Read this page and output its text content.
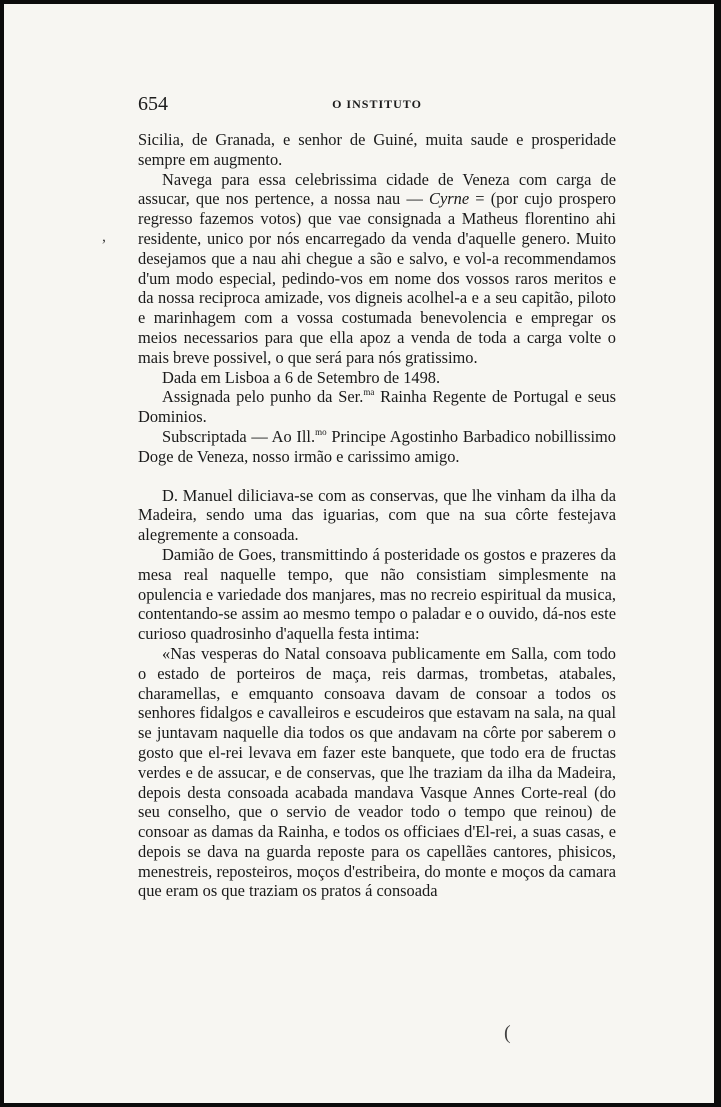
654	O INSTITUTO

Sicilia, de Granada, e senhor de Guiné, muita saude e prosperidade sempre em augmento.

Navega para essa celebrissima cidade de Veneza com carga de assucar, que nos pertence, a nossa nau — Cyrne = (por cujo prospero regresso fazemos votos) que vae consignada a Matheus florentino ahi residente, unico por nós encarregado da venda d'aquelle genero. Muito desejamos que a nau ahi chegue a são e salvo, e vol-a recommendamos d'um modo especial, pedindo-vos em nome dos vossos raros meritos e da nossa reciproca amizade, vos digneis acolhel-a e a seu capitão, piloto e marinhagem com a vossa costumada benevolencia e empregar os meios necessarios para que ella apoz a venda de toda a carga volte o mais breve possivel, o que será para nós gratissimo.

Dada em Lisboa a 6 de Setembro de 1498.

Assignada pelo punho da Ser.$^{ma}$ Rainha Regente de Portugal e seus Dominios.

Subscriptada — Ao Ill.$^{mo}$ Principe Agostinho Barbadico nobillissimo Doge de Veneza, nosso irmão e carissimo amigo.

D. Manuel diliciava-se com as conservas, que lhe vinham da ilha da Madeira, sendo uma das iguarias, com que na sua côrte festejava alegremente a consoada.

Damião de Goes, transmittindo á posteridade os gostos e prazeres da mesa real naquelle tempo, que não consistiam simplesmente na opulencia e variedade dos manjares, mas no recreio espiritual da musica, contentando-se assim ao mesmo tempo o paladar e o ouvido, dá-nos este curioso quadrosinho d'aquella festa intima:

«Nas vesperas do Natal consoava publicamente em Salla, com todo o estado de porteiros de maça, reis darmas, trombetas, atabales, charamellas, e emquanto consoava davam de consoar a todos os senhores fidalgos e cavalleiros e escudeiros que estavam na sala, na qual se juntavam naquelle dia todos os que andavam na côrte por saberem o gosto que el-rei levava em fazer este banquete, que todo era de fructas verdes e de assucar, e de conservas, que lhe traziam da ilha da Madeira, depois desta consoada acabada mandava Vasque Annes Corte-real (do seu conselho, que o servio de veador todo o tempo que reinou) de consoar as damas da Rainha, e todos os officiaes d'El-rei, a suas casas, e depois se dava na guarda reposte para os capellães cantores, phisicos, menestreis, reposteiros, moços d'estribeira, do monte e moços da camara que eram os que traziam os pratos á consoada

,
(
